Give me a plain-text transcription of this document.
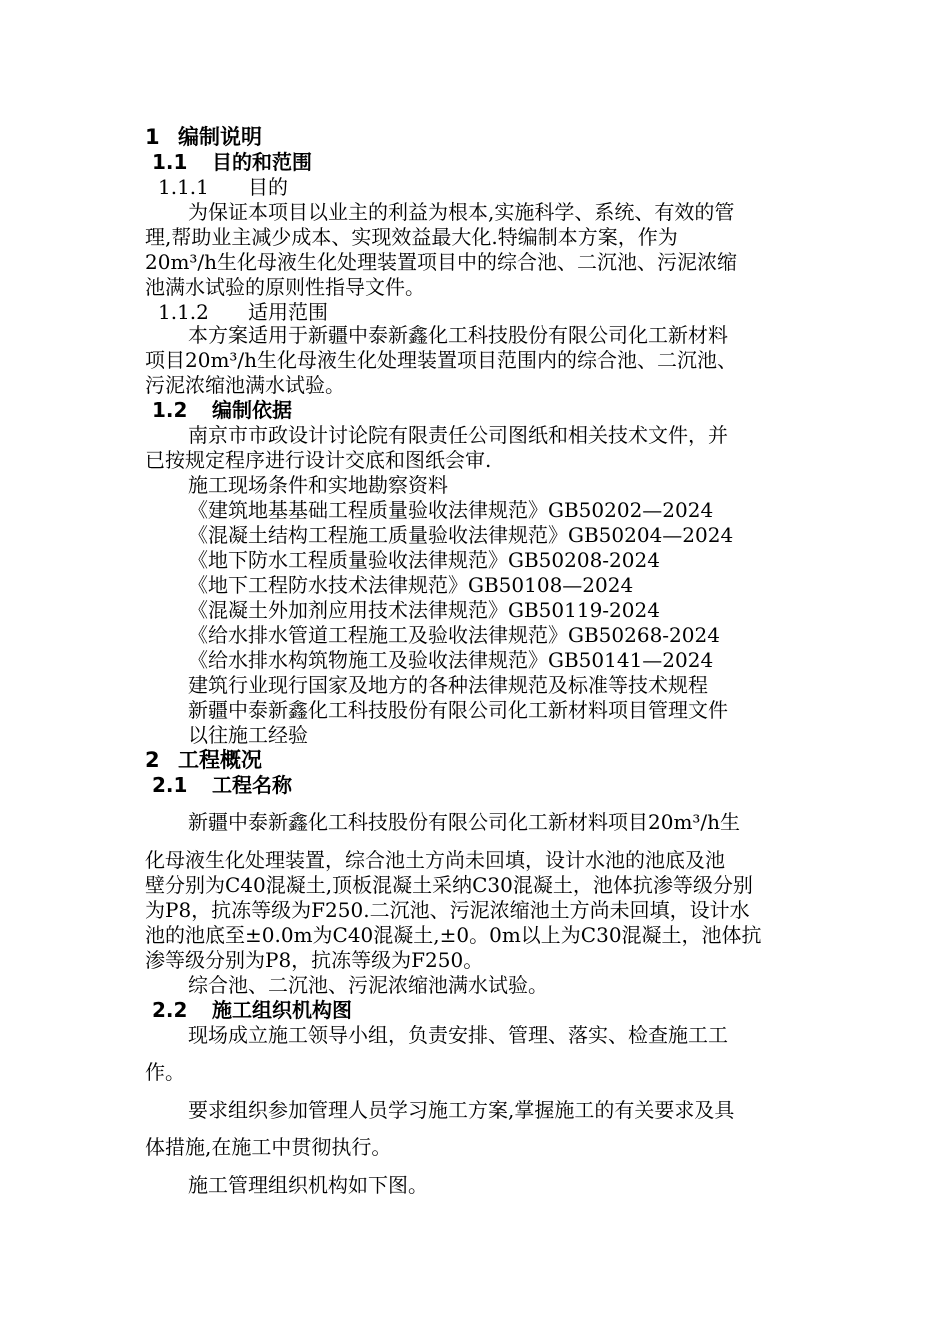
1 编制说明
1.1 目的和范围
1.1.1 目的
为保证本项目以业主的利益为根本,实施科学、系统、有效的管
理,帮助业主减少成本、实现效益最大化.特编制本方案，作为
20m³/h生化母液生化处理装置项目中的综合池、二沉池、污泥浓缩
池满水试验的原则性指导文件。
1.1.2 适用范围
本方案适用于新疆中泰新鑫化工科技股份有限公司化工新材料
项目20m³/h生化母液生化处理装置项目范围内的综合池、二沉池、
污泥浓缩池满水试验。
1.2 编制依据
南京市市政设计讨论院有限责任公司图纸和相关技术文件，并
已按规定程序进行设计交底和图纸会审.
施工现场条件和实地勘察资料
《建筑地基基础工程质量验收法律规范》GB50202—2024
《混凝土结构工程施工质量验收法律规范》GB50204—2024
《地下防水工程质量验收法律规范》GB50208-2024
《地下工程防水技术法律规范》GB50108—2024
《混凝土外加剂应用技术法律规范》GB50119-2024
《给水排水管道工程施工及验收法律规范》GB50268-2024
《给水排水构筑物施工及验收法律规范》GB50141—2024
建筑行业现行国家及地方的各种法律规范及标准等技术规程
新疆中泰新鑫化工科技股份有限公司化工新材料项目管理文件
以往施工经验
2 工程概况
2.1 工程名称
新疆中泰新鑫化工科技股份有限公司化工新材料项目20m³/h生
化母液生化处理装置，综合池土方尚未回填，设计水池的池底及池
壁分别为C40混凝土,顶板混凝土采纳C30混凝土，池体抗渗等级分别
为P8，抗冻等级为F250.二沉池、污泥浓缩池土方尚未回填，设计水
池的池底至±0.0m为C40混凝土,±0。0m以上为C30混凝土，池体抗
渗等级分别为P8，抗冻等级为F250。
综合池、二沉池、污泥浓缩池满水试验。
2.2 施工组织机构图
现场成立施工领导小组，负责安排、管理、落实、检查施工工
作。
要求组织参加管理人员学习施工方案,掌握施工的有关要求及具
体措施,在施工中贯彻执行。
施工管理组织机构如下图。
